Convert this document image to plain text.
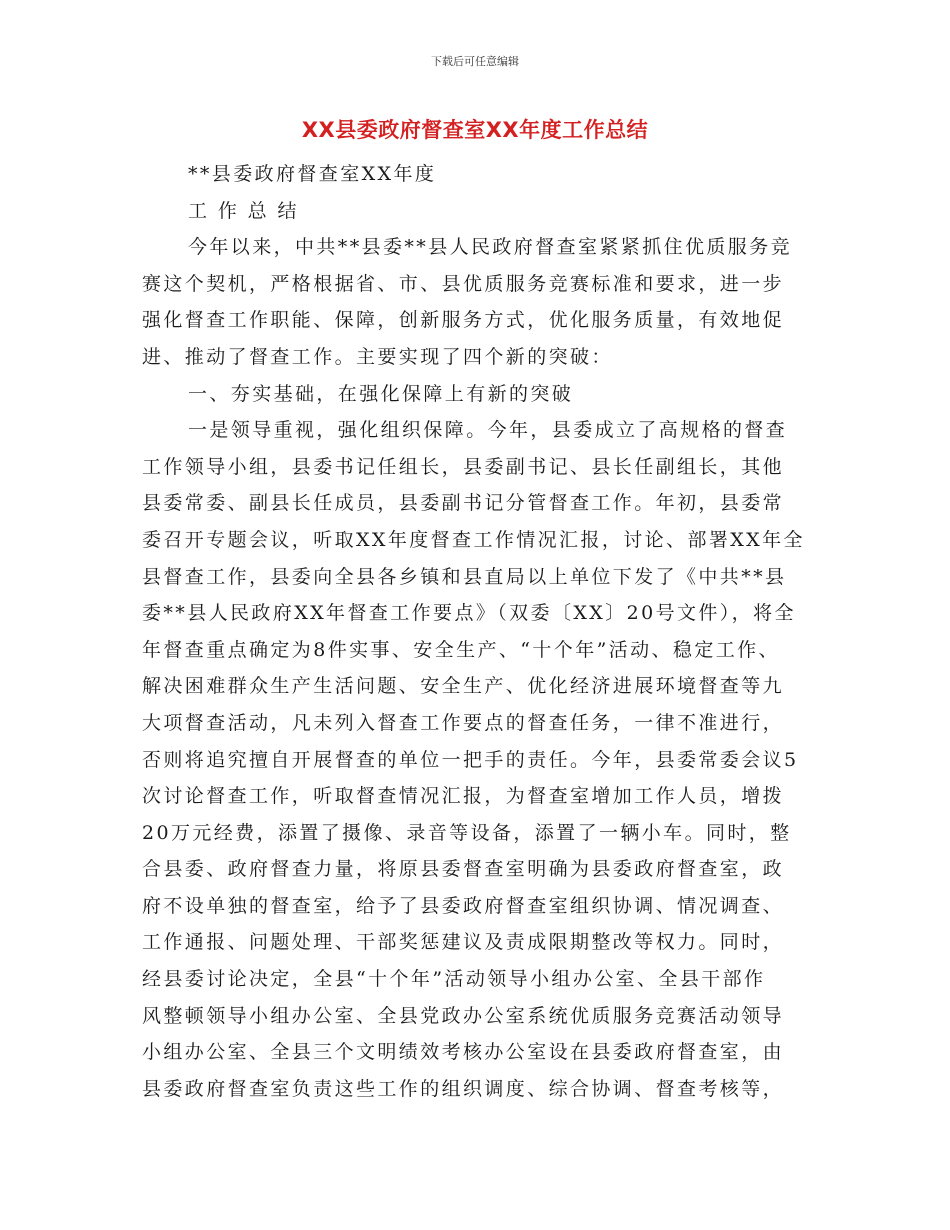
下载后可任意编辑
XX县委政府督查室XX年度工作总结
**县委政府督查室XX年度
工 作 总 结
今年以来，中共**县委**县人民政府督查室紧紧抓住优质服务竞
赛这个契机，严格根据省、市、县优质服务竞赛标准和要求，进一步
强化督查工作职能、保障，创新服务方式，优化服务质量，有效地促
进、推动了督查工作。主要实现了四个新的突破：
一、夯实基础，在强化保障上有新的突破
一是领导重视，强化组织保障。今年，县委成立了高规格的督查
工作领导小组，县委书记任组长，县委副书记、县长任副组长，其他
县委常委、副县长任成员，县委副书记分管督查工作。年初，县委常
委召开专题会议，听取XX年度督查工作情况汇报，讨论、部署XX年全
县督查工作，县委向全县各乡镇和县直局以上单位下发了《中共**县
委**县人民政府XX年督查工作要点》（双委〔XX〕20号文件），将全
年督查重点确定为8件实事、安全生产、“十个年”活动、稳定工作、
解决困难群众生产生活问题、安全生产、优化经济进展环境督查等九
大项督查活动，凡未列入督查工作要点的督查任务，一律不准进行，
否则将追究擅自开展督查的单位一把手的责任。今年，县委常委会议5
次讨论督查工作，听取督查情况汇报，为督查室增加工作人员，增拨
20万元经费，添置了摄像、录音等设备，添置了一辆小车。同时，整
合县委、政府督查力量，将原县委督查室明确为县委政府督查室，政
府不设单独的督查室，给予了县委政府督查室组织协调、情况调查、
工作通报、问题处理、干部奖惩建议及责成限期整改等权力。同时，
经县委讨论决定，全县“十个年”活动领导小组办公室、全县干部作
风整顿领导小组办公室、全县党政办公室系统优质服务竞赛活动领导
小组办公室、全县三个文明绩效考核办公室设在县委政府督查室，由
县委政府督查室负责这些工作的组织调度、综合协调、督查考核等，
